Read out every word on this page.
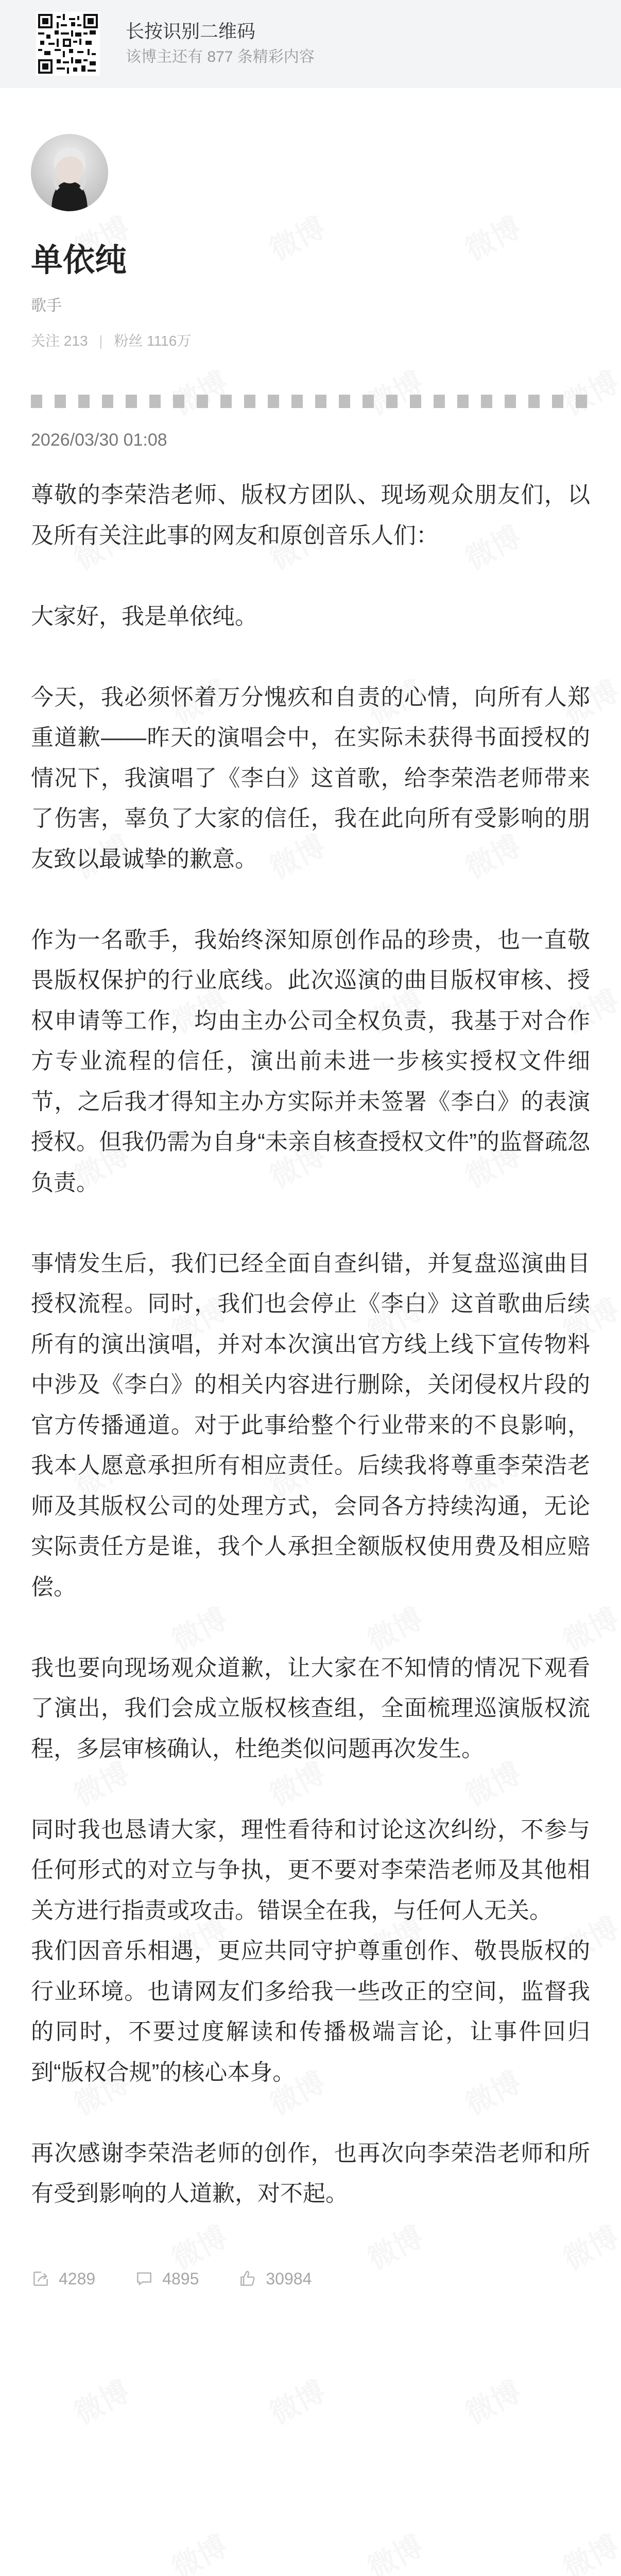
长按识别二维码
该博主还有 877 条精彩内容
单依纯
歌手
关注 213 | 粉丝 1116万
2026/03/30 01:08

尊敬的李荣浩老师、版权方团队、现场观众朋友们，以及所有关注此事的网友和原创音乐人们：

大家好，我是单依纯。

今天，我必须怀着万分愧疚和自责的心情，向所有人郑重道歉——昨天的演唱会中，在实际未获得书面授权的情况下，我演唱了《李白》这首歌，给李荣浩老师带来了伤害，辜负了大家的信任，我在此向所有受影响的朋友致以最诚挚的歉意。

作为一名歌手，我始终深知原创作品的珍贵，也一直敬畏版权保护的行业底线。此次巡演的曲目版权审核、授权申请等工作，均由主办公司全权负责，我基于对合作方专业流程的信任，演出前未进一步核实授权文件细节，之后我才得知主办方实际并未签署《李白》的表演授权。但我仍需为自身“未亲自核查授权文件”的监督疏忽负责。

事情发生后，我们已经全面自查纠错，并复盘巡演曲目授权流程。同时，我们也会停止《李白》这首歌曲后续所有的演出演唱，并对本次演出官方线上线下宣传物料中涉及《李白》的相关内容进行删除，关闭侵权片段的官方传播通道。对于此事给整个行业带来的不良影响，我本人愿意承担所有相应责任。后续我将尊重李荣浩老师及其版权公司的处理方式，会同各方持续沟通，无论实际责任方是谁，我个人承担全额版权使用费及相应赔偿。

我也要向现场观众道歉，让大家在不知情的情况下观看了演出，我们会成立版权核查组，全面梳理巡演版权流程，多层审核确认，杜绝类似问题再次发生。

同时我也恳请大家，理性看待和讨论这次纠纷，不参与任何形式的对立与争执，更不要对李荣浩老师及其他相关方进行指责或攻击。错误全在我，与任何人无关。

我们因音乐相遇，更应共同守护尊重创作、敬畏版权的行业环境。也请网友们多给我一些改正的空间，监督我的同时，不要过度解读和传播极端言论，让事件回归到“版权合规”的核心本身。

再次感谢李荣浩老师的创作，也再次向李荣浩老师和所有受到影响的人道歉，对不起。

4289	4895	30984
